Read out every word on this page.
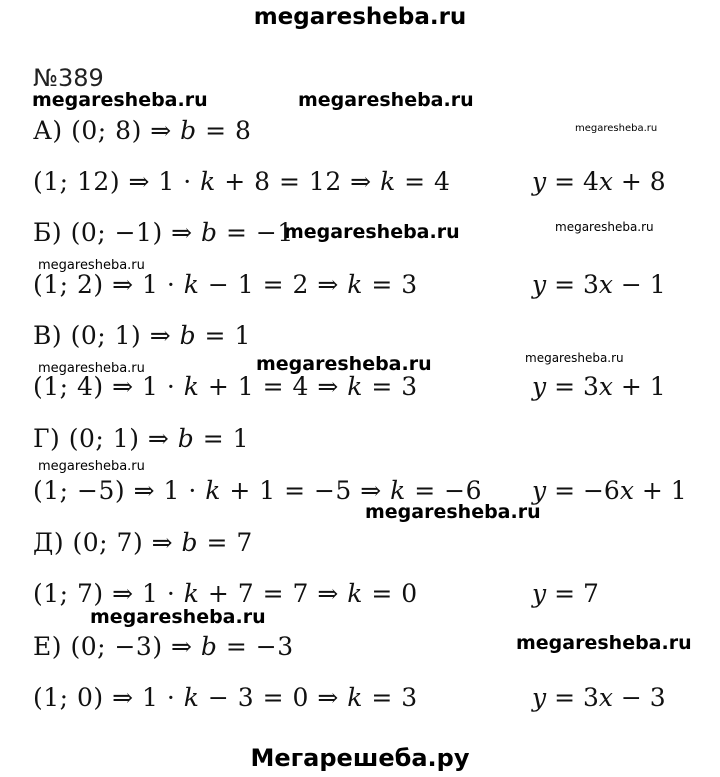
megaresheba.ru
№389
megaresheba.ru	megaresheba.ru
megaresheba.ru
megaresheba.ru	megaresheba.ru
megaresheba.ru
megaresheba.ru	megaresheba.ru
megaresheba.ru
megaresheba.ru
megaresheba.ru
megaresheba.ru
megaresheba.ru
А) (0; 8) ⇒ 𝑏 = 8
(1; 12) ⇒ 1 · 𝑘 + 8 = 12 ⇒ 𝑘 = 4	𝑦 = 4𝑥 + 8
Б) (0; −1) ⇒ 𝑏 = −1
(1; 2) ⇒ 1 · 𝑘 − 1 = 2 ⇒ 𝑘 = 3	𝑦 = 3𝑥 − 1
В) (0; 1) ⇒ 𝑏 = 1
(1; 4) ⇒ 1 · 𝑘 + 1 = 4 ⇒ 𝑘 = 3	𝑦 = 3𝑥 + 1
Г) (0; 1) ⇒ 𝑏 = 1
(1; −5) ⇒ 1 · 𝑘 + 1 = −5 ⇒ 𝑘 = −6 𝑦 = −6𝑥 + 1
Д) (0; 7) ⇒ 𝑏 = 7
(1; 7) ⇒ 1 · 𝑘 + 7 = 7 ⇒ 𝑘 = 0	𝑦 = 7
Е) (0; −3) ⇒ 𝑏 = −3
(1; 0) ⇒ 1 · 𝑘 − 3 = 0 ⇒ 𝑘 = 3	𝑦 = 3𝑥 − 3
Мегарешеба.ру
